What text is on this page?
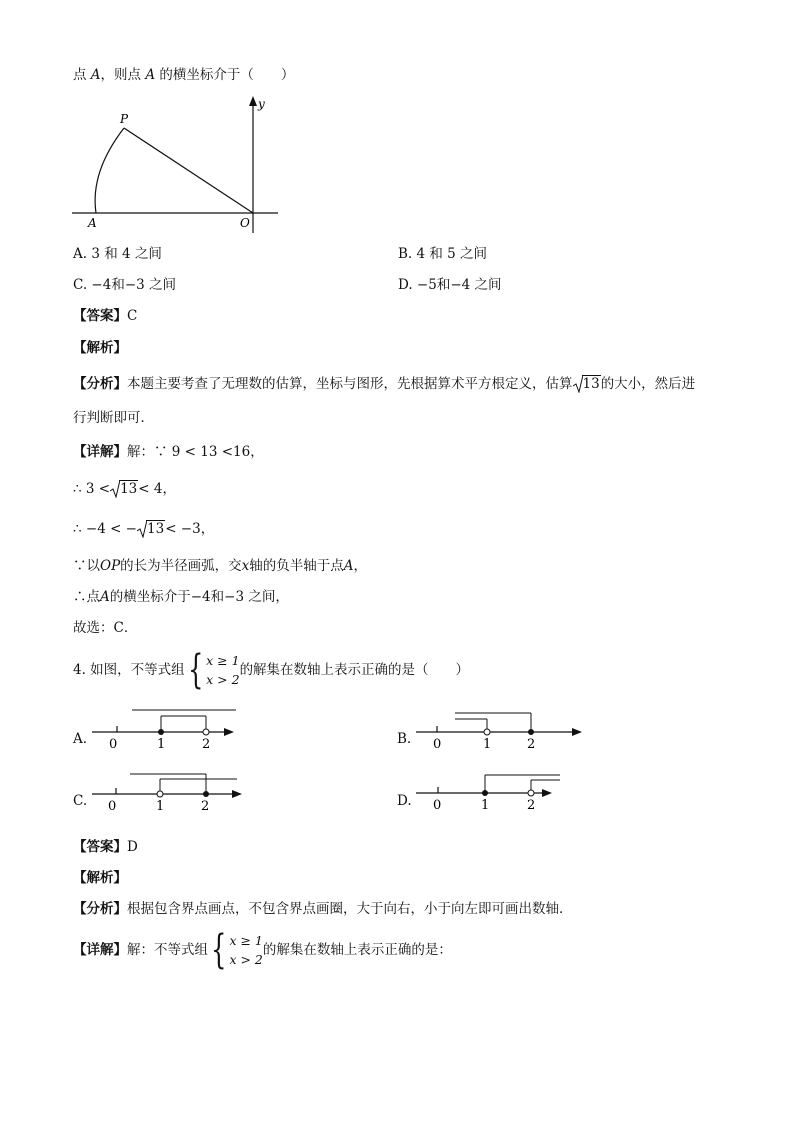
点 A，则点 A 的横坐标介于（　　）
y
P
A	O
A. 3 和 4 之间	B. 4 和 5 之间
C. −4和−3 之间	D. −5和−4 之间
【答案】C
【解析】
【分析】本题主要考查了无理数的估算，坐标与图形，先根据算术平方根定义，估算 13的大小，然后进
行判断即可．
【详解】解：∵ 9 < 13 <16，
∴ 3 < 13< 4，
∴ −4 < − 13< −3，
∵以OP的长为半径画弧，交x轴的负半轴于点A，
∴点A的横坐标介于−4和−3 之间，
故选：C．
4. 如图，不等式组 { x ≥ 1
x > 2
的解集在数轴上表示正确的是（　　）
A. 0	1	2	B. 0	1	2
C. 0	1	2	D. 0	1	2
【答案】D
【解析】
【分析】根据包含界点画点，不包含界点画圈，大于向右，小于向左即可画出数轴．
【详解】解：不等式组 { x ≥ 1
x > 2
的解集在数轴上表示正确的是：
